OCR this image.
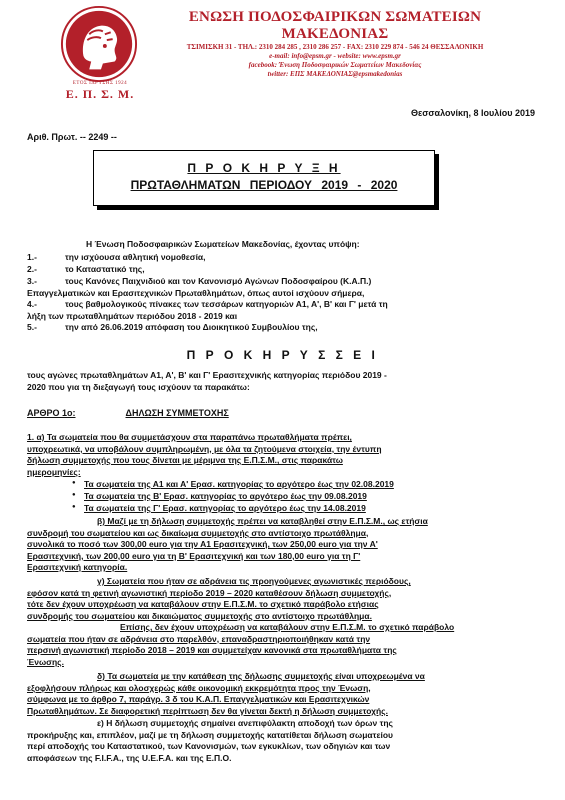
ΕΤΟΣ ΙΔΡΥΣΗΣ 1924
Ε. Π. Σ. Μ.
ΕΝΩΣΗ ΠΟΔΟΣΦΑΙΡΙΚΩΝ ΣΩΜΑΤΕΙΩΝ ΜΑΚΕΔΟΝΙΑΣ
ΤΣΙΜΙΣΚΗ 31 - ΤΗΛ.: 2310 284 285 , 2310 286 257 - FAX: 2310 229 874 - 546 24 ΘΕΣΣΑΛΟΝΙΚΗ
e-mail: info@epsm.gr - website: www.epsm.gr
facebook: Ένωση Ποδοσφαιρικών Σωματείων Μακεδονίας
twitter: ΕΠΣ ΜΑΚΕΔΟΝΙΑΣ@epsmakedonias
Θεσσαλονίκη, 8 Ιουλίου 2019
Αριθ. Πρωτ. -- 2249 --
Π Ρ Ο Κ Η Ρ Υ Ξ Η
ΠΡΩΤΑΘΛΗΜΑΤΩΝ ΠΕΡΙΟΔΟΥ 2019 - 2020
Η Ένωση Ποδοσφαιρικών Σωματείων Μακεδονίας, έχοντας υπόψη:
1.-	την ισχύουσα αθλητική νομοθεσία,
2.-	το Καταστατικό της,
3.-	τους Κανόνες Παιχνιδιού και τον Κανονισμό Αγώνων Ποδοσφαίρου (Κ.Α.Π.)
Επαγγελματικών και Ερασιτεχνικών Πρωταθλημάτων, όπως αυτοί ισχύουν σήμερα,
4.-	τους βαθμολογικούς πίνακες των τεσσάρων κατηγοριών Α1, Α', Β' και Γ' μετά τη
λήξη των πρωταθλημάτων περιόδου 2018 - 2019 και
5.-	την από 26.06.2019 απόφαση του Διοικητικού Συμβουλίου της,
Π Ρ Ο Κ Η Ρ Υ Σ Σ Ε Ι
τους αγώνες πρωταθλημάτων Α1, Α', Β' και Γ' Ερασιτεχνικής κατηγορίας περιόδου 2019 -
2020 που για τη διεξαγωγή τους ισχύουν τα παρακάτω:
ΑΡΘΡΟ 1ο:	ΔΗΛΩΣΗ ΣΥΜΜΕΤΟΧΗΣ
1. α) Τα σωματεία που θα συμμετάσχουν στα παραπάνω πρωταθλήματα πρέπει,
υποχρεωτικά, να υποβάλουν συμπληρωμένη, με όλα τα ζητούμενα στοιχεία, την έντυπη
δήλωση συμμετοχής που τους δίνεται με μέριμνα της Ε.Π.Σ.Μ., στις παρακάτω
ημερομηνίες:
● Τα σωματεία της Α1 και Α' Ερασ. κατηγορίας το αργότερο έως την 02.08.2019
● Τα σωματεία της Β' Ερασ. κατηγορίας το αργότερο έως την 09.08.2019
● Τα σωματεία της Γ' Ερασ. κατηγορίας το αργότερο έως την 14.08.2019
β) Μαζί με τη δήλωση συμμετοχής πρέπει να καταβληθεί στην Ε.Π.Σ.Μ., ως ετήσια
συνδρομή του σωματείου και ως δικαίωμα συμμετοχής στο αντίστοιχο πρωτάθλημα,
συνολικά το ποσό των 300,00 euro για την Α1 Ερασιτεχνική, των 250,00 euro για την Α'
Ερασιτεχνική, των 200,00 euro για τη Β' Ερασιτεχνική και των 180,00 euro για τη Γ'
Ερασιτεχνική κατηγορία.
γ) Σωματεία που ήταν σε αδράνεια τις προηγούμενες αγωνιστικές περιόδους,
εφόσον κατά τη φετινή αγωνιστική περίοδο 2019 – 2020 καταθέσουν δήλωση συμμετοχής,
τότε δεν έχουν υποχρέωση να καταβάλουν στην Ε.Π.Σ.Μ. το σχετικό παράβολο ετήσιας
συνδρομής του σωματείου και δικαιώματος συμμετοχής στο αντίστοιχο πρωτάθλημα.
Επίσης, δεν έχουν υποχρέωση να καταβάλουν στην Ε.Π.Σ.Μ. το σχετικό παράβολο
σωματεία που ήταν σε αδράνεια στο παρελθόν, επαναδραστηριοποιήθηκαν κατά την
περσινή αγωνιστική περίοδο 2018 – 2019 και συμμετείχαν κανονικά στα πρωταθλήματα της
Ένωσης.
δ) Τα σωματεία με την κατάθεση της δήλωσης συμμετοχής είναι υποχρεωμένα να
εξοφλήσουν πλήρως και ολοσχερώς κάθε οικονομική εκκρεμότητα προς την Ένωση,
σύμφωνα με το άρθρο 7, παράγρ. 3 δ του Κ.Α.Π. Επαγγελματικών και Ερασιτεχνικών
Πρωταθλημάτων. Σε διαφορετική περίπτωση δεν θα γίνεται δεκτή η δήλωση συμμετοχής.
ε) Η δήλωση συμμετοχής σημαίνει ανεπιφύλακτη αποδοχή των όρων της
προκήρυξης και, επιπλέον, μαζί με τη δήλωση συμμετοχής κατατίθεται δήλωση σωματείου
περί αποδοχής του Καταστατικού, των Κανονισμών, των εγκυκλίων, των οδηγιών και των
αποφάσεων της F.I.F.A., της U.E.F.A. και της Ε.Π.Ο.
